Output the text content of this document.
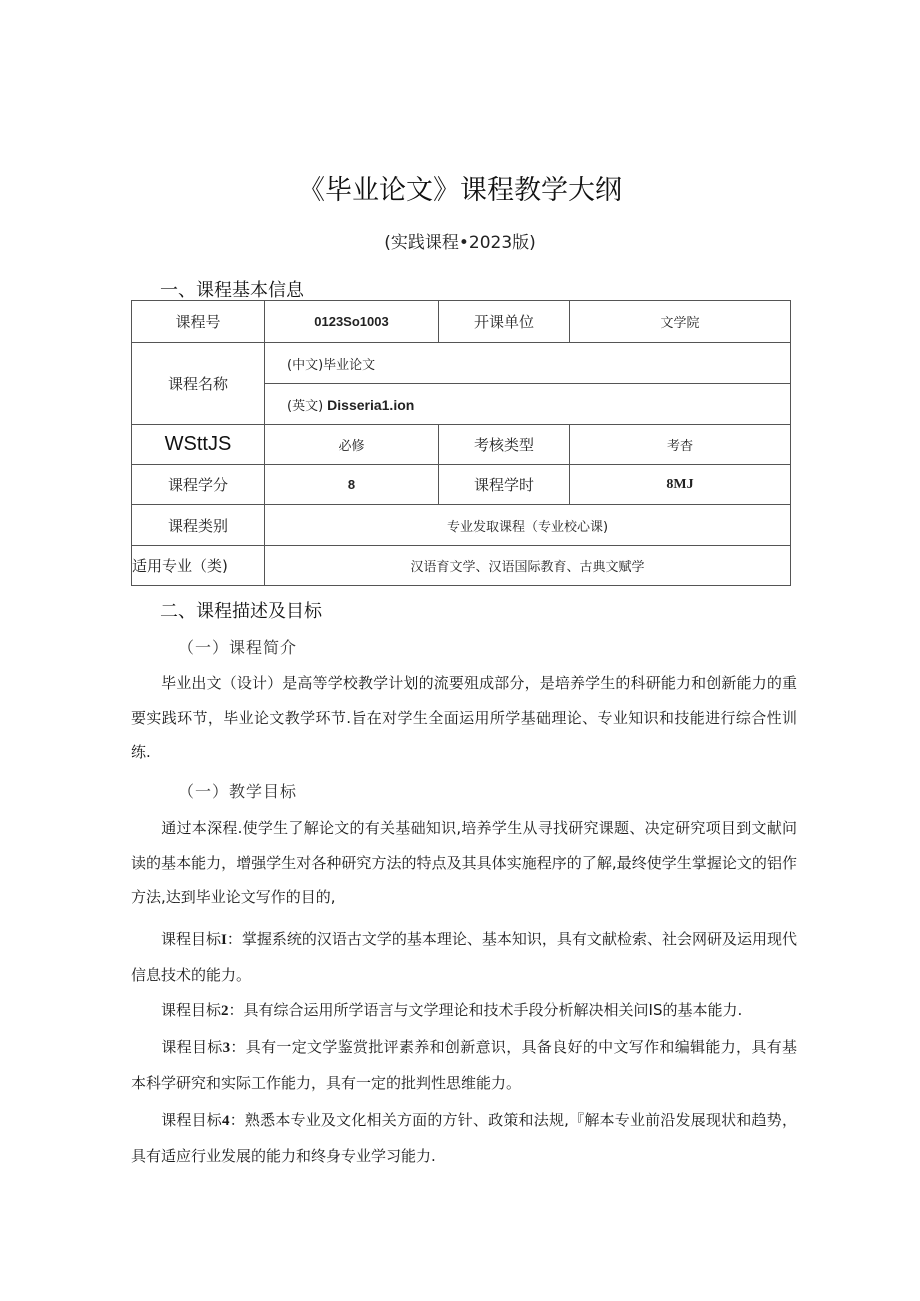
《毕业论文》课程教学大纲
(实践课程•2023版)
一、课程基本信息
课程号	0123So1003	开课单位	文学院
课程名称	(中文)毕业论文		
	(英文) Disseria1.ion		
WSttJS	必修	考核类型	考杳
课程学分	8	课程学时	8MJ
课程类别	专业发取课程（专业校心课)		
适用专业（类)	汉语育文学、汉语国际教育、古典文赋学		
二、课程描述及目标
（一）课程简介
毕业出文（设计）是高等学校教学计划的流要殂成部分，是培养学生的科研能力和创新能力的重要实践环节，毕业论文教学环节.旨在对学生全面运用所学基础理论、专业知识和技能进行综合性训练.
（一）教学目标
通过本深程.使学生了解论文的有关基础知识,培养学生从寻找研究课题、决定研究项目到文献问读的基本能力，增强学生对各种研究方法的特点及其具体实施程序的了解,最终使学生掌握论文的铝作方法,达到毕业论文写作的目的,
课程目标I：掌握系统的汉语古文学的基本理论、基本知识，具有文献检索、社会网研及运用现代信息技术的能力。
课程目标2：具有综合运用所学语言与文学理论和技术手段分析解决相关问IS的基本能力.
课程目标3：具有一定文学鉴赏批评素养和创新意识，具备良好的中文写作和编辑能力，具有基本科学研究和实际工作能力，具有一定的批判性思维能力。
课程目标4：熟悉本专业及文化相关方面的方针、政策和法规,『解本专业前沿发展现状和趋势，具有适应行业发展的能力和终身专业学习能力.
